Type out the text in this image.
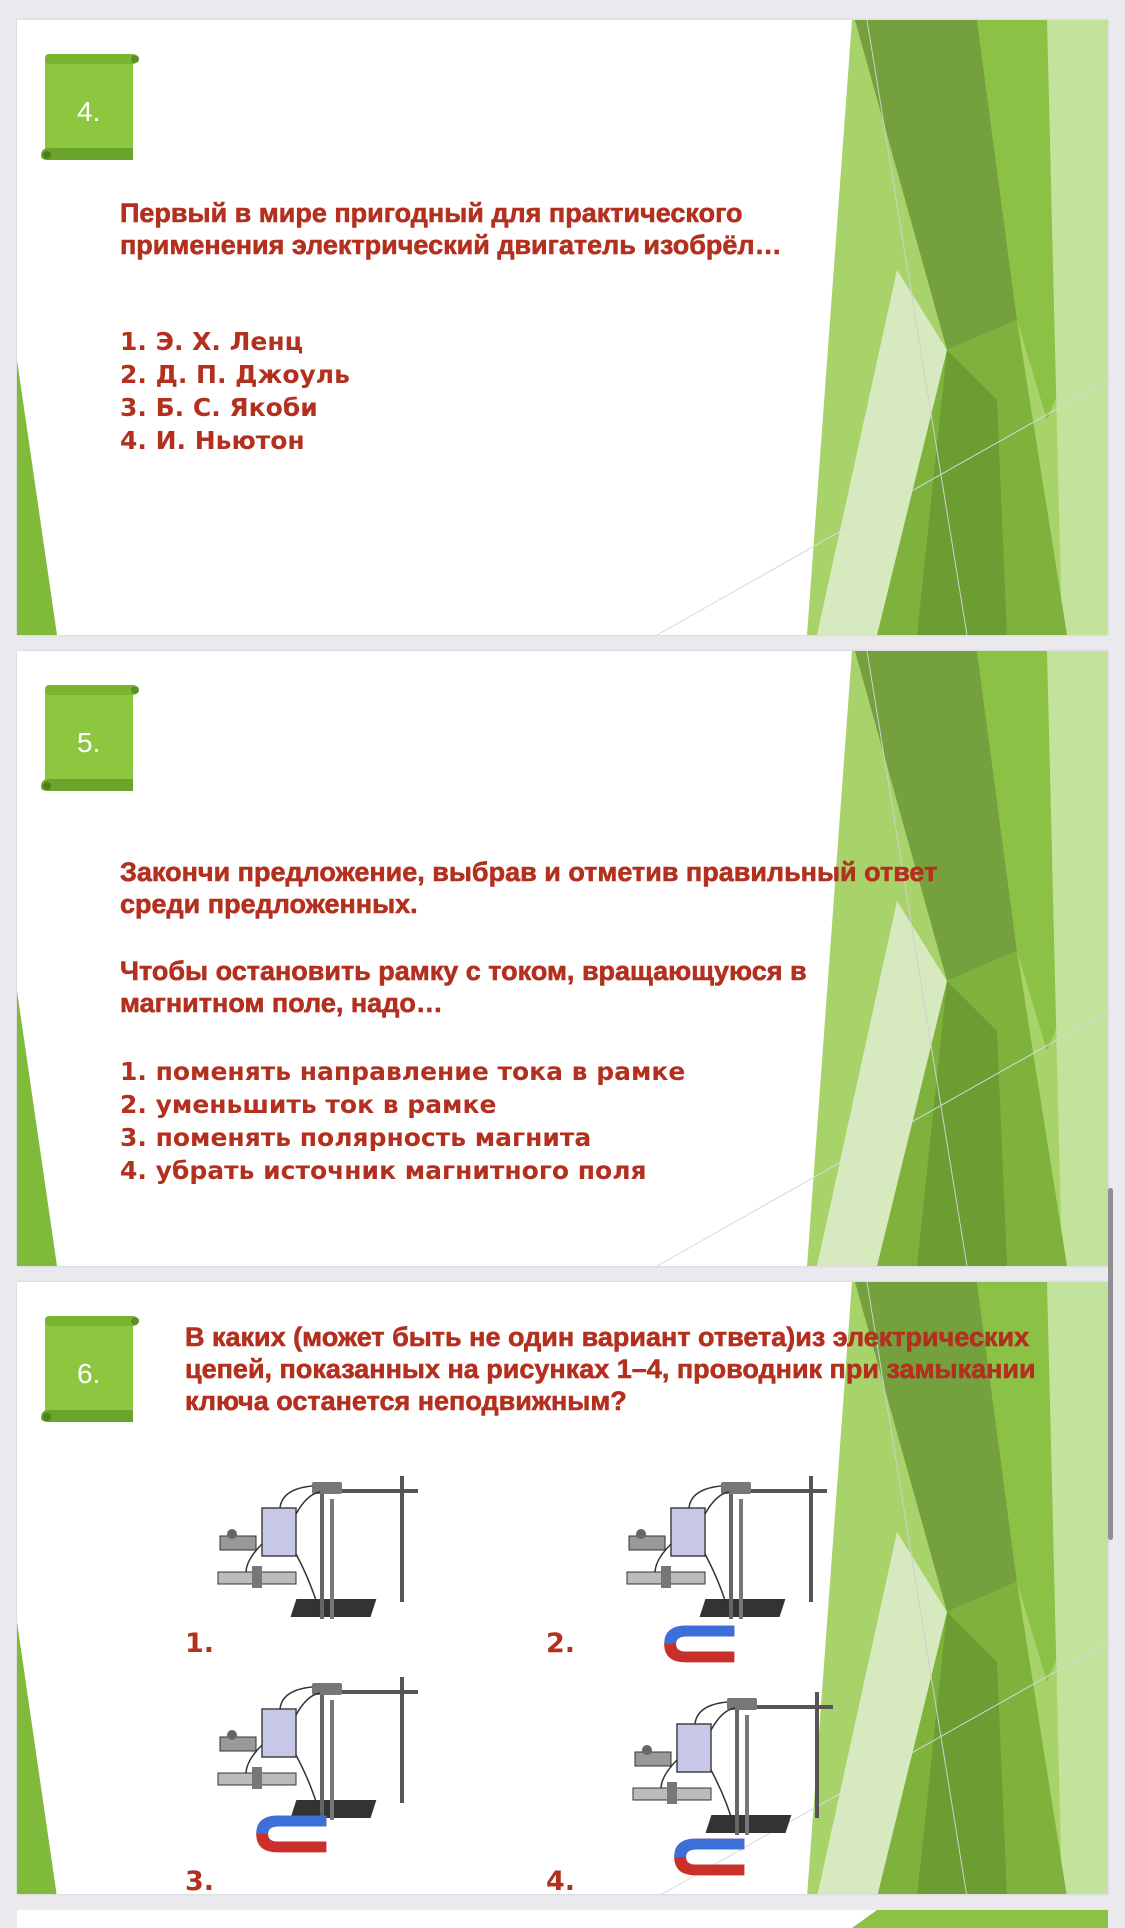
4.

Первый в мире пригодный для практического применения электрический двигатель изобрёл…

1. Э. Х. Ленц
2. Д. П. Джоуль
3. Б. С. Якоби
4. И. Ньютон
5.

Закончи предложение, выбрав и отметив правильный ответ среди предложенных.

Чтобы остановить рамку с током, вращающуюся в магнитном поле, надо…

1. поменять направление тока в рамке
2. уменьшить ток в рамке
3. поменять полярность магнита
4. убрать источник магнитного поля
6.

В каких (может быть не один вариант ответа)из электрических цепей, показанных на рисунках 1–4, проводник при замыкании ключа останется неподвижным?

1.	2.
3.	4.
